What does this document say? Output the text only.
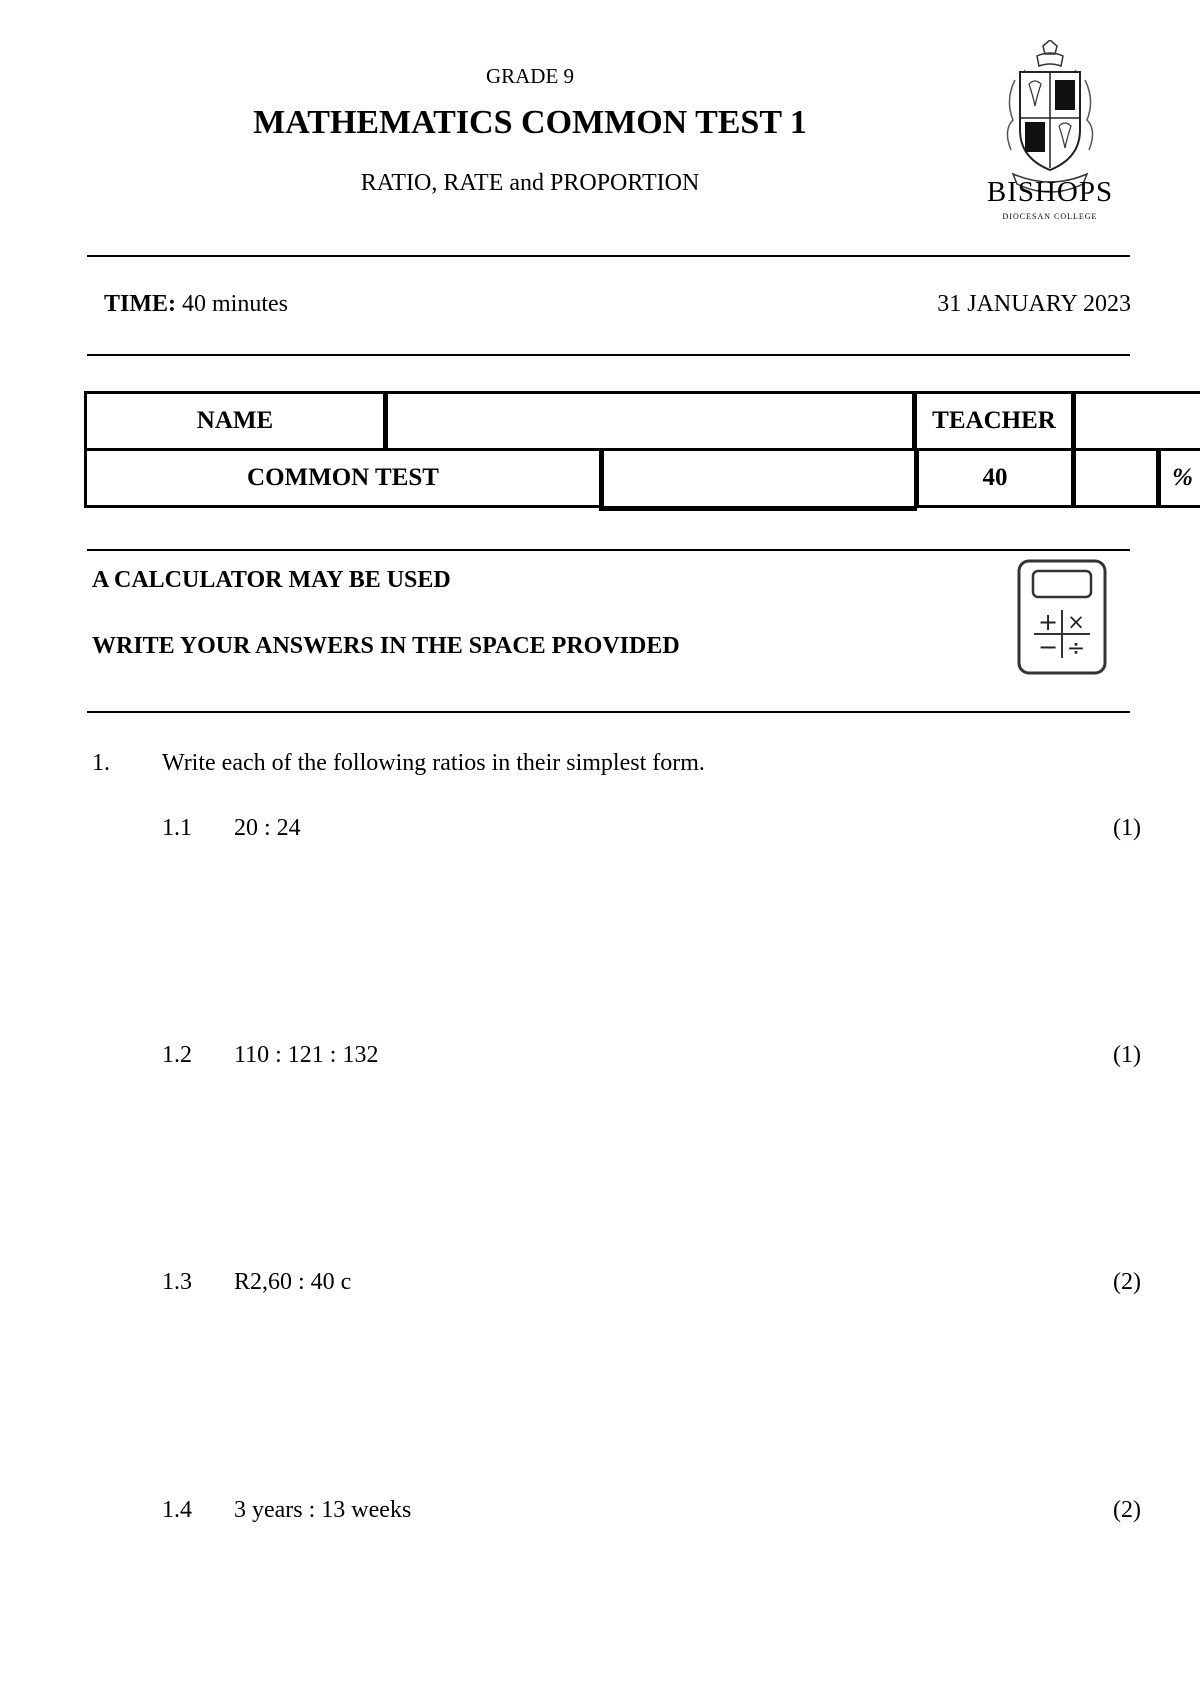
GRADE 9
MATHEMATICS COMMON TEST 1
RATIO, RATE and PROPORTION	BISHOPS
DIOCESAN COLLEGE
TIME: 40 minutes	31 JANUARY 2023
NAME	TEACHER
COMMON TEST	40	%
A CALCULATOR MAY BE USED
WRITE YOUR ANSWERS IN THE SPACE PROVIDED
+ ×
− ÷
1. Write each of the following ratios in their simplest form.
1.1 20 : 24	(1)
1.2 110 : 121 : 132	(1)
1.3 R2,60 : 40 c	(2)
1.4 3 years : 13 weeks	(2)
